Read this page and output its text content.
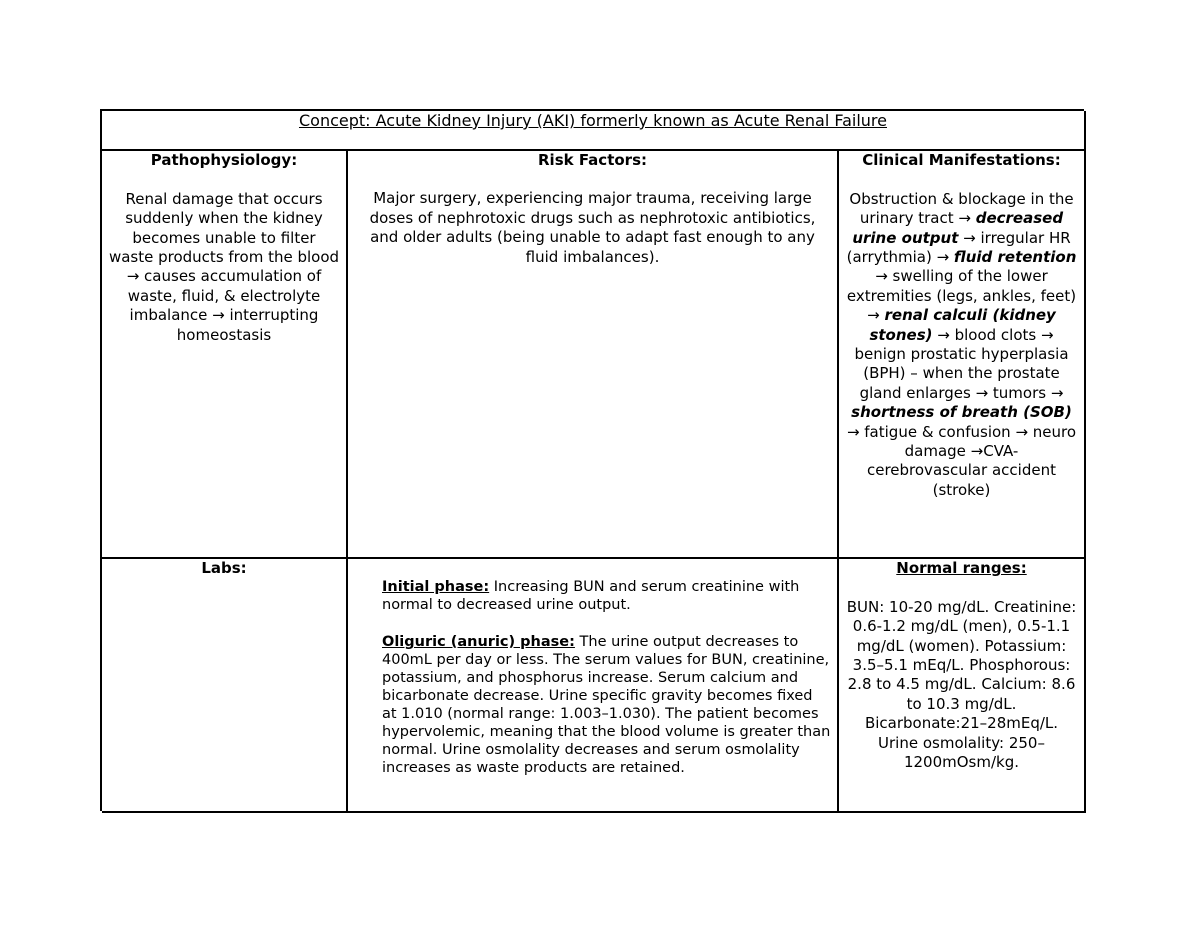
Concept: Acute Kidney Injury (AKI) formerly known as Acute Renal Failure
Pathophysiology:
Renal damage that occurs suddenly when the kidney becomes unable to filter waste products from the blood → causes accumulation of waste, fluid, & electrolyte imbalance → interrupting homeostasis
Risk Factors:
Major surgery, experiencing major trauma, receiving large doses of nephrotoxic drugs such as nephrotoxic antibiotics, and older adults (being unable to adapt fast enough to any fluid imbalances).
Clinical Manifestations:
Obstruction & blockage in the urinary tract → decreased urine output → irregular HR (arrythmia) → fluid retention → swelling of the lower extremities (legs, ankles, feet) → renal calculi (kidney stones) → blood clots → benign prostatic hyperplasia (BPH) – when the prostate gland enlarges → tumors → shortness of breath (SOB) → fatigue & confusion → neuro damage →CVA- cerebrovascular accident (stroke)
Labs:
Initial phase: Increasing BUN and serum creatinine with normal to decreased urine output.
Oliguric (anuric) phase: The urine output decreases to 400mL per day or less. The serum values for BUN, creatinine, potassium, and phosphorus increase. Serum calcium and bicarbonate decrease. Urine specific gravity becomes fixed at 1.010 (normal range: 1.003–1.030). The patient becomes hypervolemic, meaning that the blood volume is greater than normal. Urine osmolality decreases and serum osmolality increases as waste products are retained.
Normal ranges:
BUN: 10-20 mg/dL. Creatinine: 0.6-1.2 mg/dL (men), 0.5-1.1 mg/dL (women). Potassium: 3.5–5.1 mEq/L. Phosphorous: 2.8 to 4.5 mg/dL. Calcium: 8.6 to 10.3 mg/dL. Bicarbonate:21–28mEq/L. Urine osmolality: 250–1200mOsm/kg.
